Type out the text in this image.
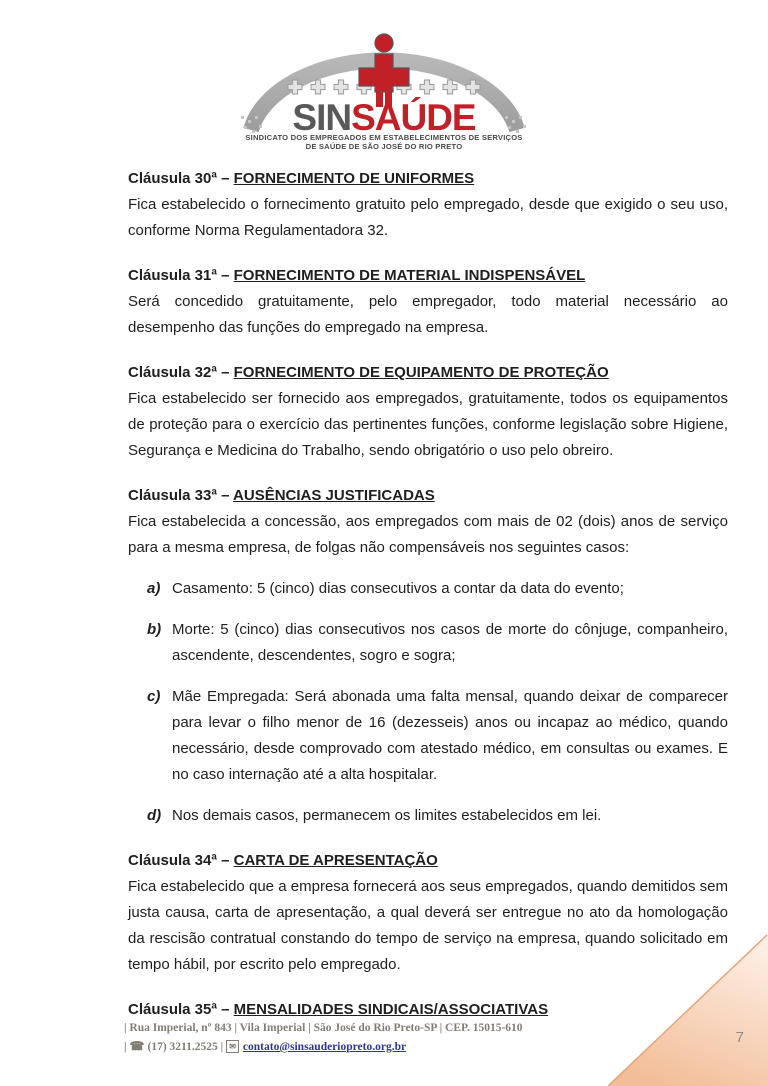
SINSAÚDE
SINDICATO DOS EMPREGADOS EM ESTABELECIMENTOS DE SERVIÇOS
DE SAÚDE DE SÃO JOSÉ DO RIO PRETO
Cláusula 30ª – FORNECIMENTO DE UNIFORMES

Fica estabelecido o fornecimento gratuito pelo empregado, desde que exigido o seu uso, conforme Norma Regulamentadora 32.

Cláusula 31ª – FORNECIMENTO DE MATERIAL INDISPENSÁVEL

Será concedido gratuitamente, pelo empregador, todo material necessário ao desempenho das funções do empregado na empresa.

Cláusula 32ª – FORNECIMENTO DE EQUIPAMENTO DE PROTEÇÃO

Fica estabelecido ser fornecido aos empregados, gratuitamente, todos os equipamentos de proteção para o exercício das pertinentes funções, conforme legislação sobre Higiene, Segurança e Medicina do Trabalho, sendo obrigatório o uso pelo obreiro.

Cláusula 33ª – AUSÊNCIAS JUSTIFICADAS

Fica estabelecida a concessão, aos empregados com mais de 02 (dois) anos de serviço para a mesma empresa, de folgas não compensáveis nos seguintes casos:

a) Casamento: 5 (cinco) dias consecutivos a contar da data do evento;
b) Morte: 5 (cinco) dias consecutivos nos casos de morte do cônjuge, companheiro, ascendente, descendentes, sogro e sogra;
c) Mãe Empregada: Será abonada uma falta mensal, quando deixar de comparecer para levar o filho menor de 16 (dezesseis) anos ou incapaz ao médico, quando necessário, desde comprovado com atestado médico, em consultas ou exames. E no caso internação até a alta hospitalar.
d) Nos demais casos, permanecem os limites estabelecidos em lei.
Cláusula 34ª – CARTA DE APRESENTAÇÃO

Fica estabelecido que a empresa fornecerá aos seus empregados, quando demitidos sem justa causa, carta de apresentação, a qual deverá ser entregue no ato da homologação da rescisão contratual constando do tempo de serviço na empresa, quando solicitado em tempo hábil, por escrito pelo empregado.

Cláusula 35ª – MENSALIDADES SINDICAIS/ASSOCIATIVAS
7
| Rua Imperial, nº 843 | Vila Imperial | São José do Rio Preto-SP | CEP. 15015-610
| ☎ (17) 3211.2525 | ✉ contato@sinsauderiopreto.org.br
